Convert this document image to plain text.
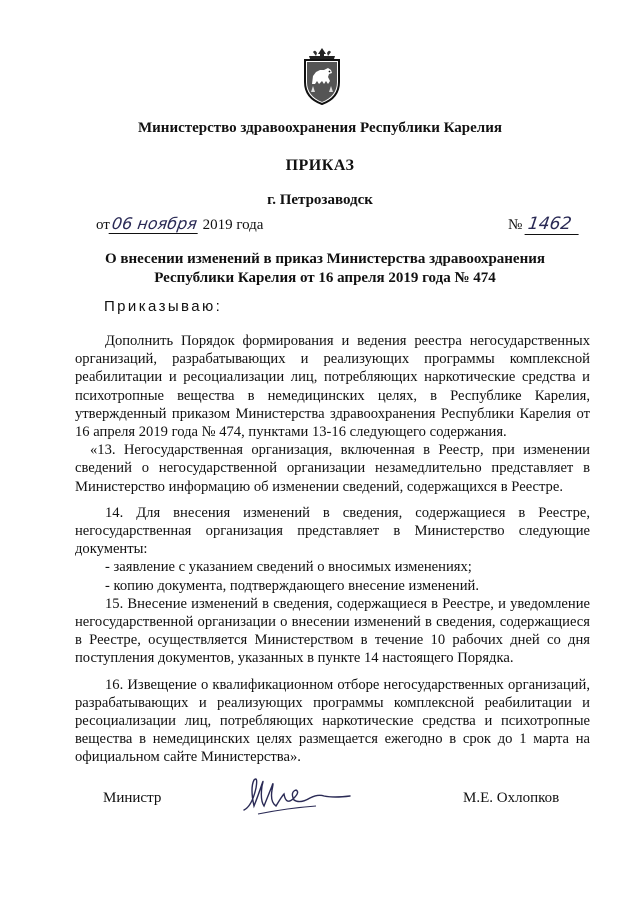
Министерство здравоохранения Республики Карелия
ПРИКАЗ
г. Петрозаводск
от06 ноября 2019 года	№ 1462
О внесении изменений в приказ Министерства здравоохранения Республики Карелия от 16 апреля 2019 года № 474
Приказываю:

Дополнить Порядок формирования и ведения реестра негосударственных организаций, разрабатывающих и реализующих программы комплексной реабилитации и ресоциализации лиц, потребляющих наркотические средства и психотропные вещества в немедицинских целях, в Республике Карелия, утвержденный приказом Министерства здравоохранения Республики Карелия от 16 апреля 2019 года № 474, пунктами 13-16 следующего содержания.

«13. Негосударственная организация, включенная в Реестр, при изменении сведений о негосударственной организации незамедлительно представляет в Министерство информацию об изменении сведений, содержащихся в Реестре.

14. Для внесения изменений в сведения, содержащиеся в Реестре, негосударственная организация представляет в Министерство следующие документы:

- заявление с указанием сведений о вносимых изменениях;

- копию документа, подтверждающего внесение изменений.

15. Внесение изменений в сведения, содержащиеся в Реестре, и уведомление негосударственной организации о внесении изменений в сведения, содержащиеся в Реестре, осуществляется Министерством в течение 10 рабочих дней со дня поступления документов, указанных в пункте 14 настоящего Порядка.

16. Извещение о квалификационном отборе негосударственных организаций, разрабатывающих и реализующих программы комплексной реабилитации и ресоциализации лиц, потребляющих наркотические средства и психотропные вещества в немедицинских целях размещается ежегодно в срок до 1 марта на официальном сайте Министерства».

Министр	М.Е. Охлопков
